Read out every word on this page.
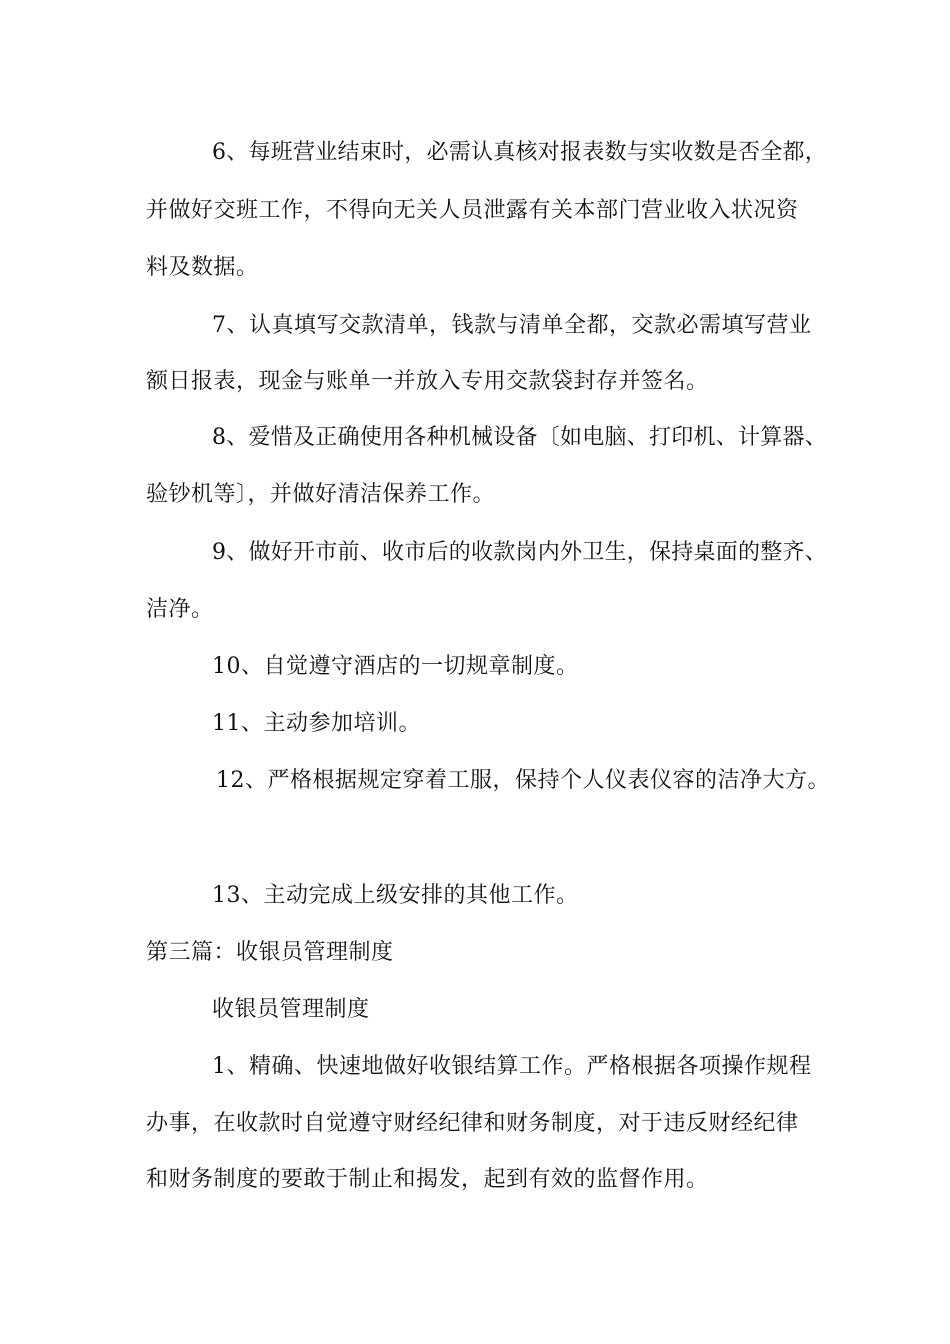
6、每班营业结束时，必需认真核对报表数与实收数是否全都，
并做好交班工作，不得向无关人员泄露有关本部门营业收入状况资
料及数据。
7、认真填写交款清单，钱款与清单全都，交款必需填写营业
额日报表，现金与账单一并放入专用交款袋封存并签名。
8、爱惜及正确使用各种机械设备〔如电脑、打印机、计算器、
验钞机等〕，并做好清洁保养工作。
9、做好开市前、收市后的收款岗内外卫生，保持桌面的整齐、
洁净。
10、自觉遵守酒店的一切规章制度。
11、主动参加培训。
12、严格根据规定穿着工服，保持个人仪表仪容的洁净大方。
13、主动完成上级安排的其他工作。
第三篇：收银员管理制度
收银员管理制度
1、精确、快速地做好收银结算工作。严格根据各项操作规程
办事，在收款时自觉遵守财经纪律和财务制度，对于违反财经纪律
和财务制度的要敢于制止和揭发，起到有效的监督作用。
